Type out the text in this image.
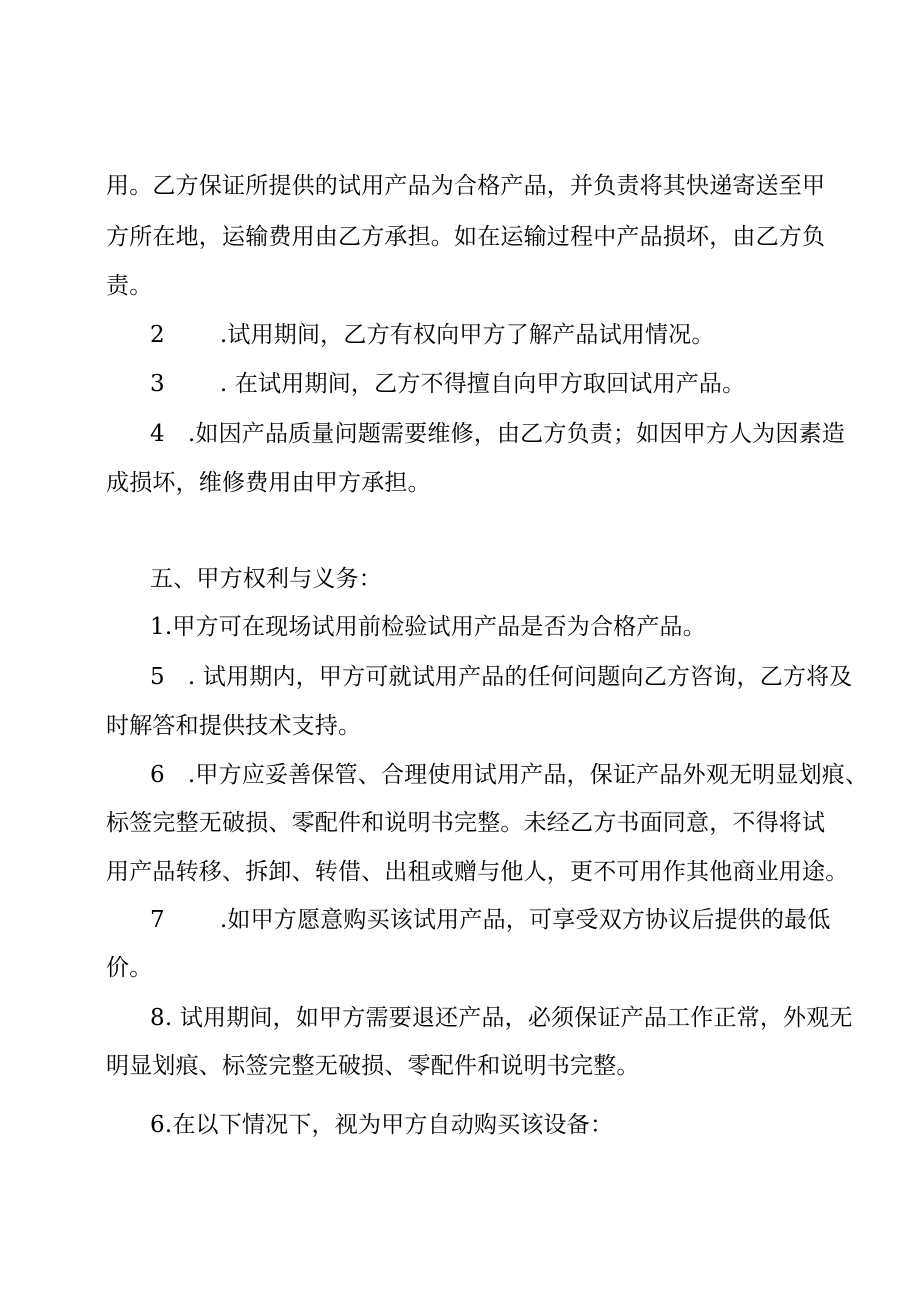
用。乙方保证所提供的试用产品为合格产品，并负责将其快递寄送至甲
方所在地，运输费用由乙方承担。如在运输过程中产品损坏，由乙方负
责。
2 .试用期间，乙方有权向甲方了解产品试用情况。
3 . 在试用期间，乙方不得擅自向甲方取回试用产品。
4 .如因产品质量问题需要维修，由乙方负责；如因甲方人为因素造
成损坏，维修费用由甲方承担。
五、甲方权利与义务：
1.甲方可在现场试用前检验试用产品是否为合格产品。
5 . 试用期内，甲方可就试用产品的任何问题向乙方咨询，乙方将及
时解答和提供技术支持。
6 .甲方应妥善保管、合理使用试用产品，保证产品外观无明显划痕、
标签完整无破损、零配件和说明书完整。未经乙方书面同意，不得将试
用产品转移、拆卸、转借、出租或赠与他人，更不可用作其他商业用途。
7 .如甲方愿意购买该试用产品，可享受双方协议后提供的最低
价。
8. 试用期间，如甲方需要退还产品，必须保证产品工作正常，外观无
明显划痕、标签完整无破损、零配件和说明书完整。
6.在以下情况下，视为甲方自动购买该设备：
